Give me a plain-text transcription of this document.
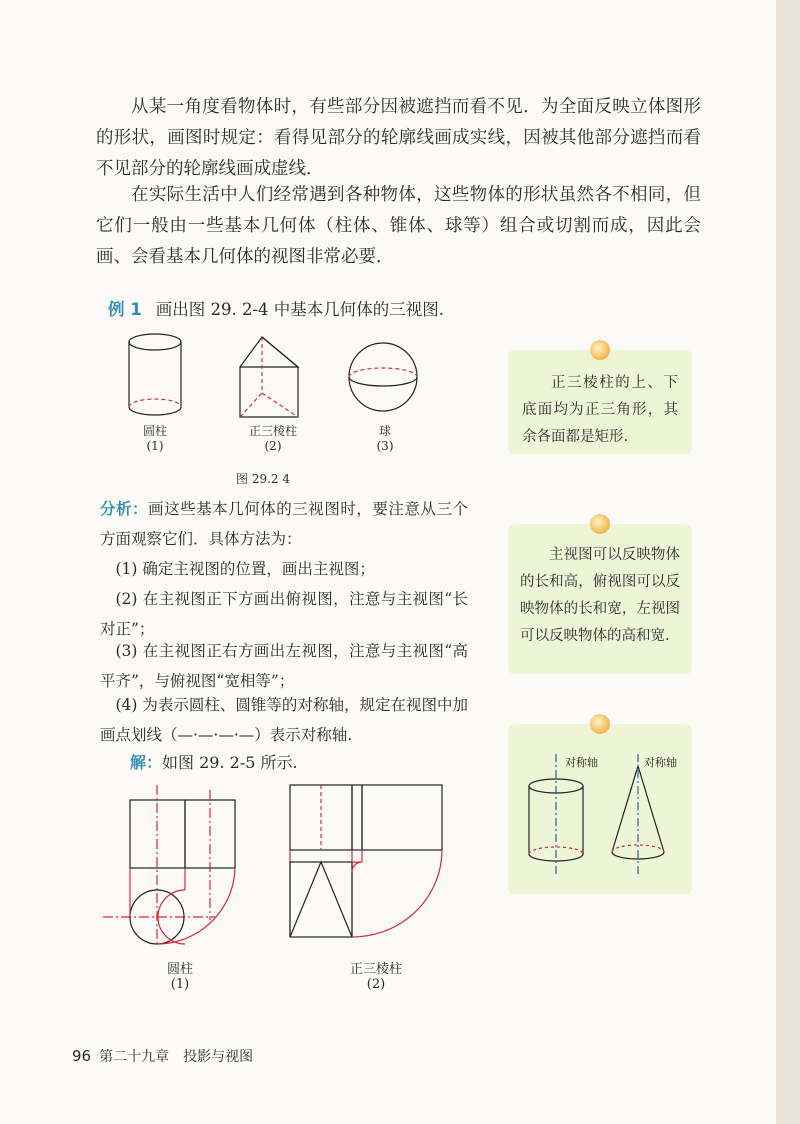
从某一角度看物体时，有些部分因被遮挡而看不见．为全面反映立体图形的形状，画图时规定：看得见部分的轮廓线画成实线，因被其他部分遮挡而看不见部分的轮廓线画成虚线．

在实际生活中人们经常遇到各种物体，这些物体的形状虽然各不相同，但它们一般由一些基本几何体（柱体、锥体、球等）组合或切割而成，因此会画、会看基本几何体的视图非常必要．

例 1 画出图 29. 2-4 中基本几何体的三视图.
圆柱
(1)
正三棱柱
(2)
球
(3)
图 29.2 4

分析：画这些基本几何体的三视图时，要注意从三个方面观察它们．具体方法为：

(1) 确定主视图的位置，画出主视图；

(2) 在主视图正下方画出俯视图，注意与主视图“长对正”；

(3) 在主视图正右方画出左视图，注意与主视图“高平齐”，与俯视图“宽相等”；

(4) 为表示圆柱、圆锥等的对称轴，规定在视图中加画点划线（—·—·—·—）表示对称轴.

解：如图 29. 2-5 所示.
圆柱
(1)
正三棱柱
(2)

正三棱柱的上、下底面均为正三角形，其余各面都是矩形.

主视图可以反映物体的长和高，俯视图可以反映物体的长和宽，左视图可以反映物体的高和宽.

对称轴	对称轴
96 第二十九章　投影与视图
